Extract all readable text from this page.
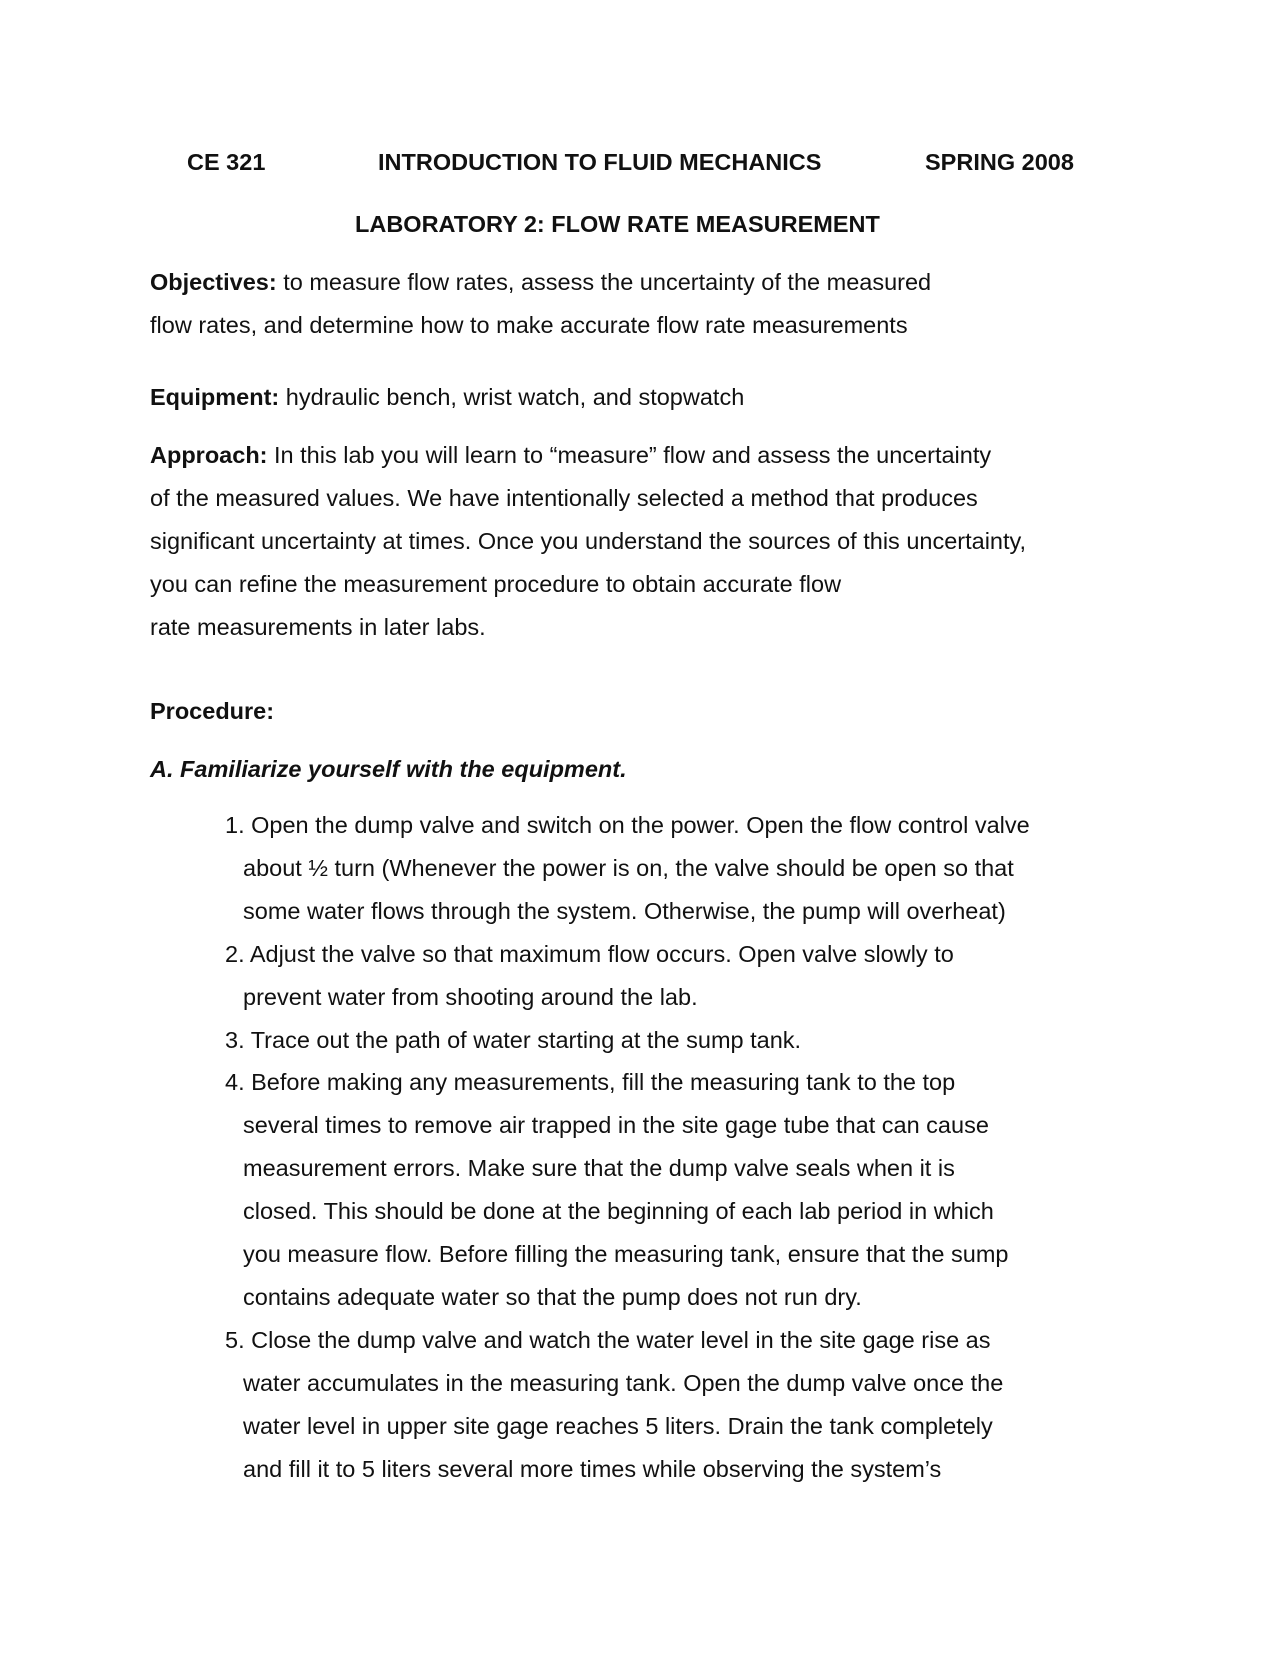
CE 321	INTRODUCTION TO FLUID MECHANICS	SPRING 2008
LABORATORY 2: FLOW RATE MEASUREMENT
Objectives: to measure flow rates, assess the uncertainty of the measured
flow rates, and determine how to make accurate flow rate measurements
Equipment: hydraulic bench, wrist watch, and stopwatch
Approach: In this lab you will learn to “measure” flow and assess the uncertainty
of the measured values. We have intentionally selected a method that produces
significant uncertainty at times. Once you understand the sources of this uncertainty,
you can refine the measurement procedure to obtain accurate flow
rate measurements in later labs.
Procedure:
A. Familiarize yourself with the equipment.
1. Open the dump valve and switch on the power. Open the flow control valve
about ½ turn (Whenever the power is on, the valve should be open so that
some water flows through the system. Otherwise, the pump will overheat)
2. Adjust the valve so that maximum flow occurs. Open valve slowly to
prevent water from shooting around the lab.
3. Trace out the path of water starting at the sump tank.
4. Before making any measurements, fill the measuring tank to the top
several times to remove air trapped in the site gage tube that can cause
measurement errors. Make sure that the dump valve seals when it is
closed. This should be done at the beginning of each lab period in which
you measure flow. Before filling the measuring tank, ensure that the sump
contains adequate water so that the pump does not run dry.
5. Close the dump valve and watch the water level in the site gage rise as
water accumulates in the measuring tank. Open the dump valve once the
water level in upper site gage reaches 5 liters. Drain the tank completely
and fill it to 5 liters several more times while observing the system’s
